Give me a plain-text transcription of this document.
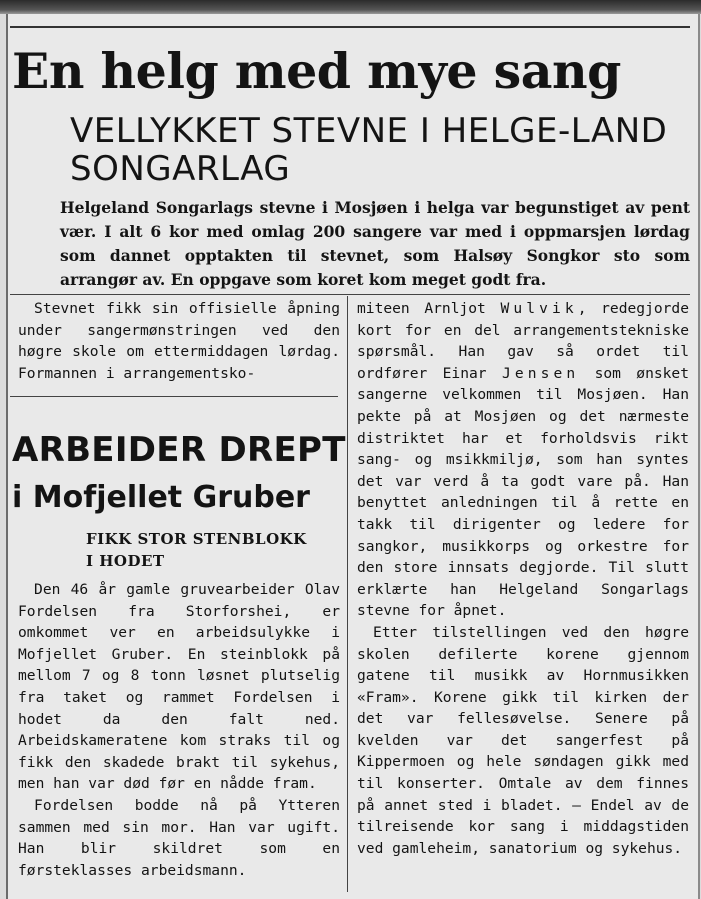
En helg med mye sang
VELLYKKET STEVNE I HELGE-LAND SONGARLAG

Helgeland Songarlags stevne i Mosjøen i helga var begunstiget av pent vær. I alt 6 kor med omlag 200 sangere var med i oppmarsjen lørdag som dannet opptakten til stevnet, som Halsøy Songkor sto som arrangør av. En oppgave som koret kom meget godt fra.

Stevnet fikk sin offisielle åpning under sangermønstringen ved den høgre skole om ettermiddagen lørdag. Formannen i arrangementsko-

ARBEIDER DREPT
i Mofjellet Gruber
FIKK STOR STENBLOKK
I HODET

Den 46 år gamle gruvearbeider Olav Fordelsen fra Storforshei, er omkommet ver en arbeidsulykke i Mofjellet Gruber. En steinblokk på mellom 7 og 8 tonn løsnet plutselig fra taket og rammet Fordelsen i hodet da den falt ned. Arbeidskameratene kom straks til og fikk den skadede brakt til sykehus, men han var død før en nådde fram.

Fordelsen bodde nå på Ytteren sammen med sin mor. Han var ugift. Han blir skildret som en førsteklasses arbeidsmann.

miteen Arnljot Wulvik, redegjorde kort for en del arrangementstekniske spørsmål. Han gav så ordet til ordfører Einar Jensen som ønsket sangerne velkommen til Mosjøen. Han pekte på at Mosjøen og det nærmeste distriktet har et forholdsvis rikt sang- og msikkmiljø, som han syntes det var verd å ta godt vare på. Han benyttet anledningen til å rette en takk til dirigenter og ledere for sangkor, musikkorps og orkestre for den store innsats degjorde. Til slutt erklærte han Helgeland Songarlags stevne for åpnet.

Etter tilstellingen ved den høgre skolen defilerte korene gjennom gatene til musikk av Hornmusikken «Fram». Korene gikk til kirken der det var fellesøvelse. Senere på kvelden var det sangerfest på Kippermoen og hele søndagen gikk med til konserter. Omtale av dem finnes på annet sted i bladet. — Endel av de tilreisende kor sang i middagstiden ved gamleheim, sanatorium og sykehus.
